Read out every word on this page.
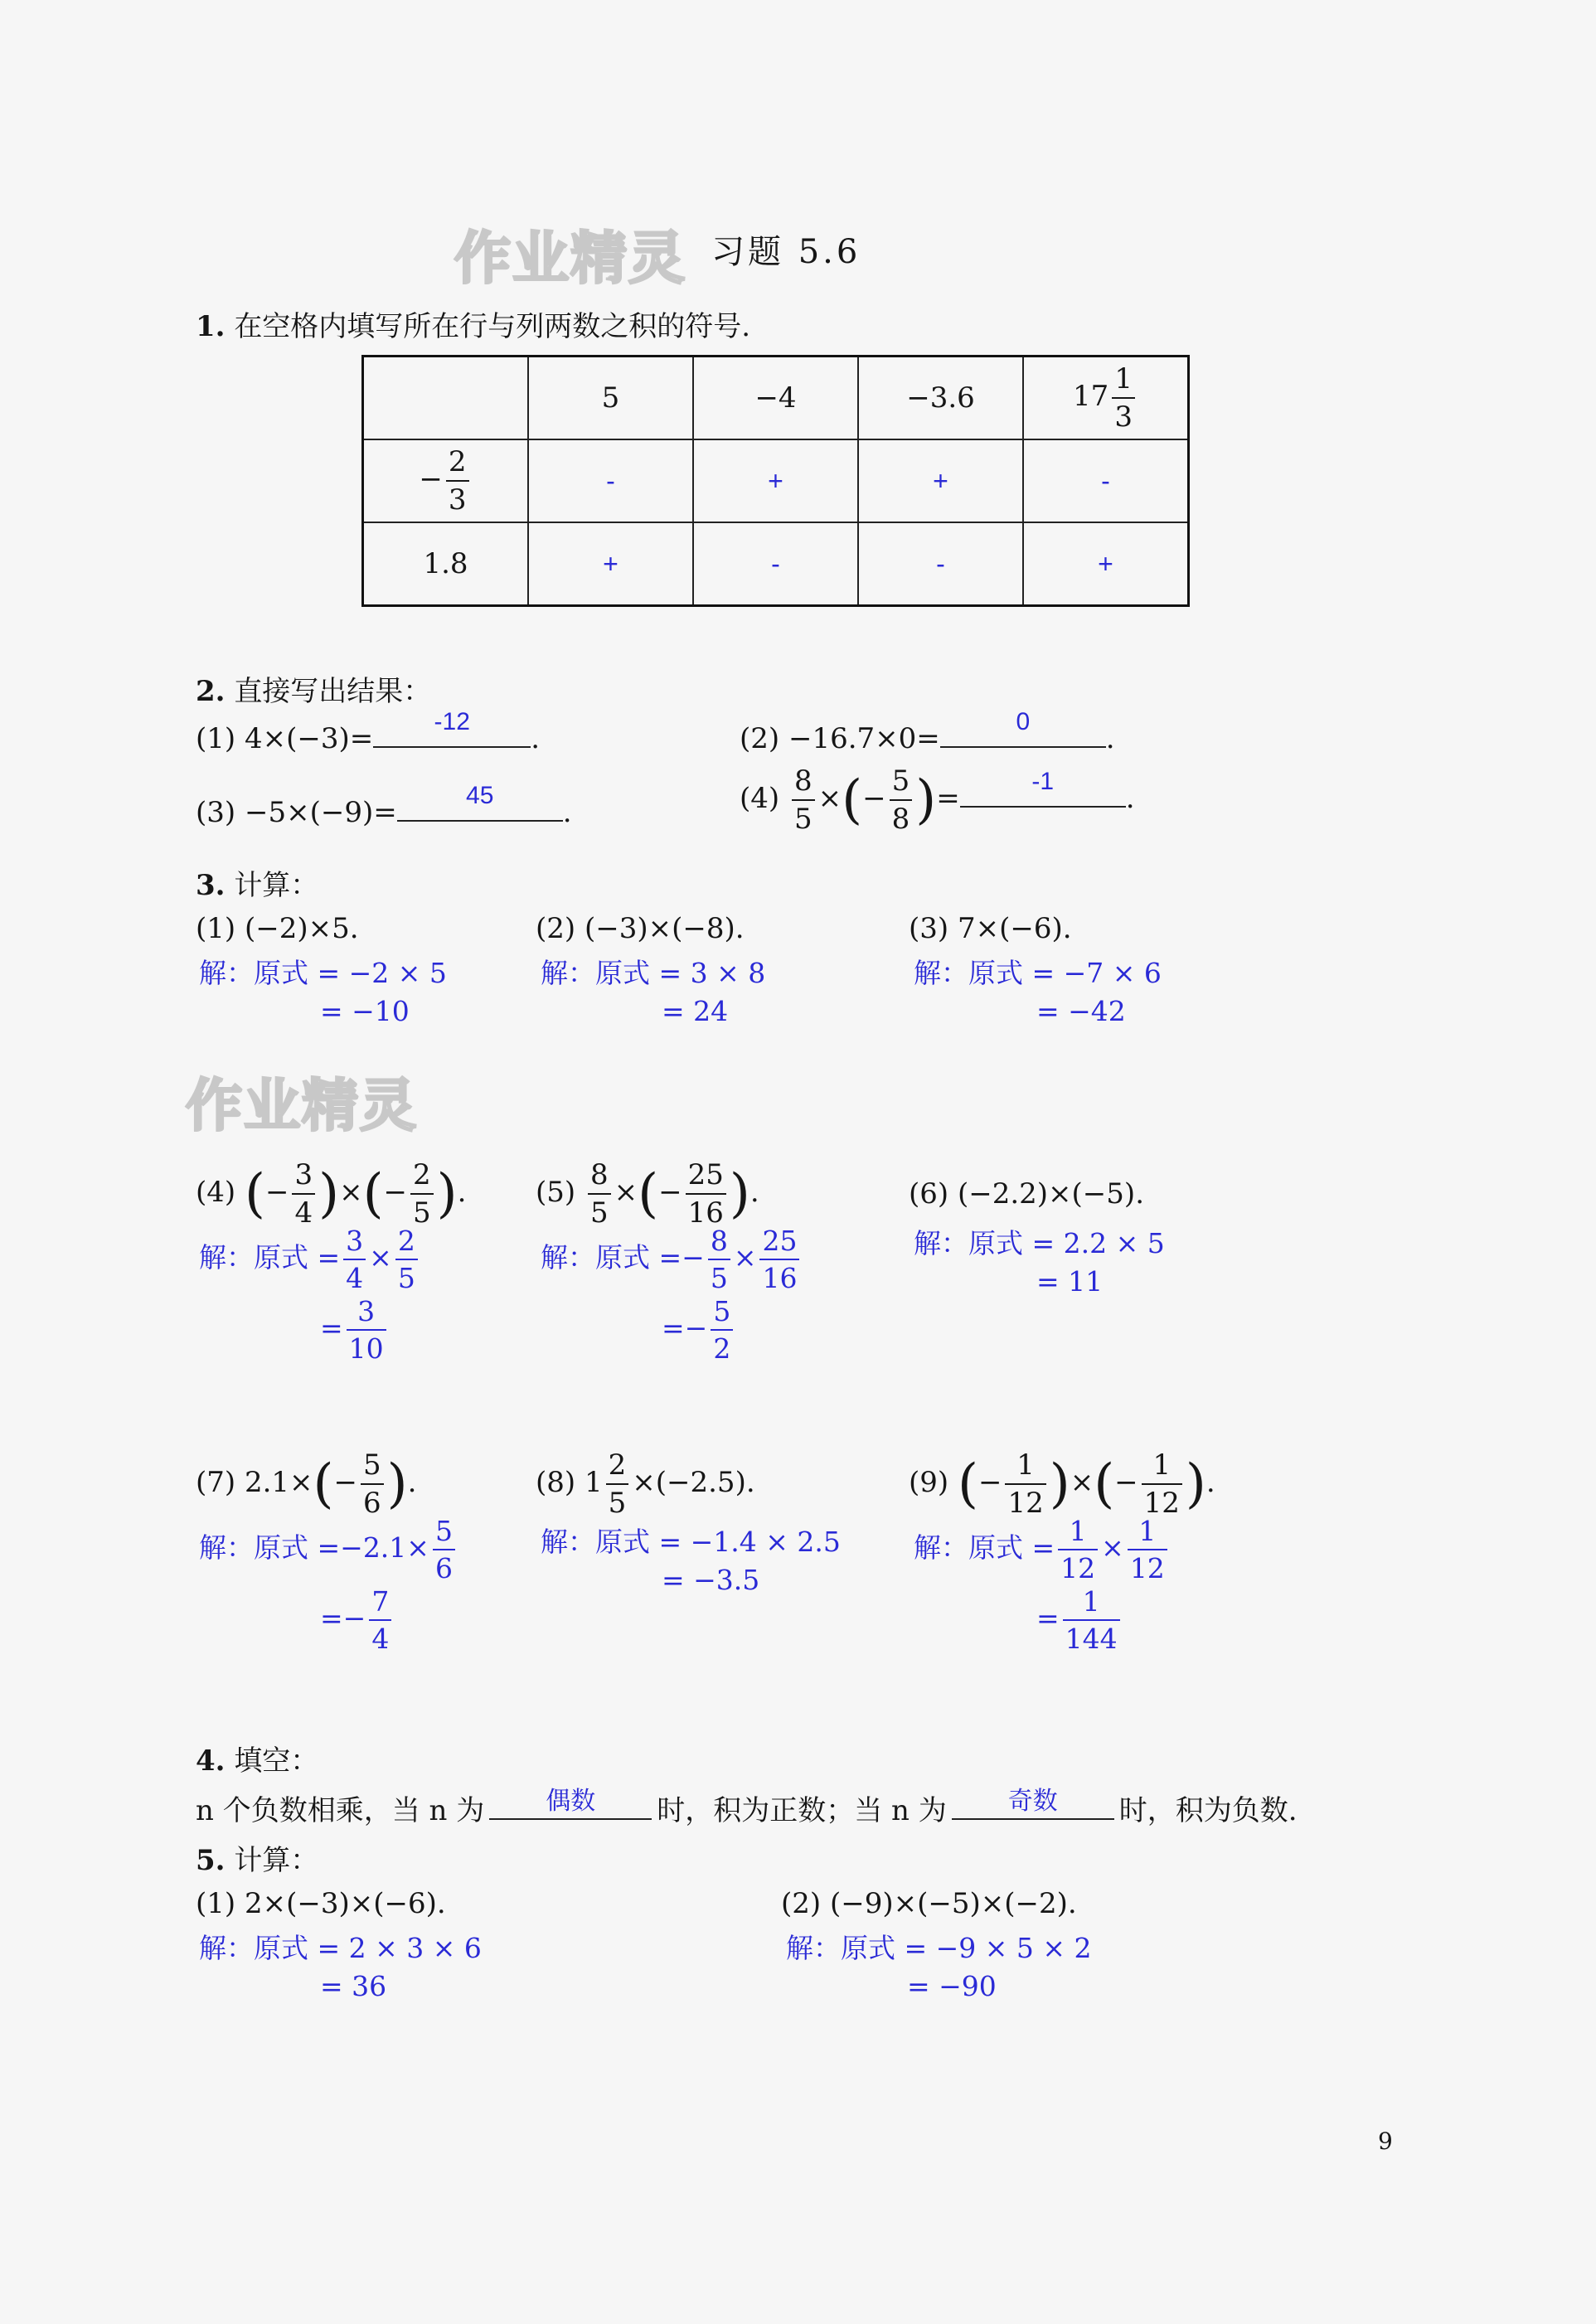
作业精灵
作业精灵
习题 5.6
1. 在空格内填写所在行与列两数之积的符号.
	5	−4	−3.6	$17 \frac{1}{3}$

− $\frac{2}{3}$	-	+	+	-
1.8	+	-	-	+
2. 直接写出结果：
(1) 4×(−3)=
-12
.	(2) −16.7×0=
0
.
(3) −5×(−9)=
45
.	$(4) \frac{8}{5}$ ×(− $\frac{5}{8}$ )=
-1
.
3. 计算：
(1) (−2)×5.
解：原式 = −2 × 5
= −10
(2) (−3)×(−8).
解：原式 = 3 × 8
= 24
(3) 7×(−6).
解：原式 = −7 × 6
= −42
(4) (− $\frac{3}{4}$ )×(− $\frac{2}{5}$ ).
解：原式 = $\frac{3}{4} \times \frac{2}{5}$
= $\frac{3}{10}$
$(5) \frac{8}{5}$ ×(− $\frac{25}{16}$ ).
解：原式 =− $\frac{8}{5} \times \frac{25}{16}$
=− $\frac{5}{2}$
(6) (−2.2)×(−5).
解：原式 = 2.2 × 5
= 11
(7) $2.1\times(- \frac{5}{6}$ ).
解：原式 $=-2.1\times \frac{5}{6}$
=− $\frac{7}{4}$
(8) $1 \frac{2}{5} \times(-2.5)$.
解：原式 = −1.4 × 2.5
= −3.5
(9) (− $\frac{1}{12}$ )×(− $\frac{1}{12}$ ).
解：原式 = $\frac{1}{12} \times \frac{1}{12}$
= $\frac{1}{144}$
4. 填空：
n 个负数相乘，当 n 为	偶数	时，积为正数；当 n 为	奇数	时，积为负数.
5. 计算：
(1) 2×(−3)×(−6).
解：原式 = 2 × 3 × 6
= 36
(2) (−9)×(−5)×(−2).
解：原式 = −9 × 5 × 2
= −90
9
